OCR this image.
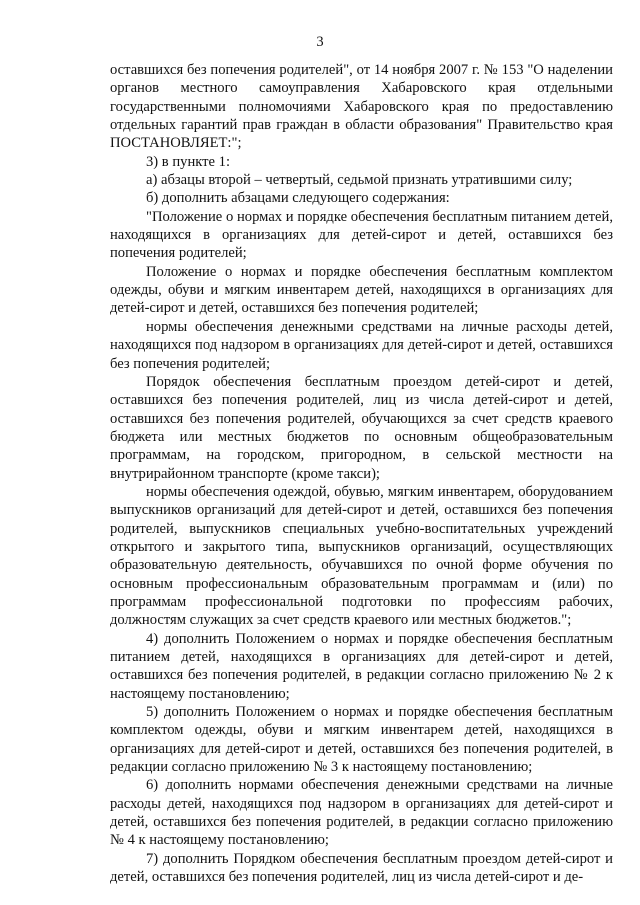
3

оставшихся без попечения родителей", от 14 ноября 2007 г. № 153 "О наделении органов местного самоуправления Хабаровского края отдельными государственными полномочиями Хабаровского края по предоставлению отдельных гарантий прав граждан в области образования" Правительство края ПОСТАНОВЛЯЕТ:";

3) в пункте 1:

а) абзацы второй – четвертый, седьмой признать утратившими силу;

б) дополнить абзацами следующего содержания:

"Положение о нормах и порядке обеспечения бесплатным питанием детей, находящихся в организациях для детей-сирот и детей, оставшихся без попечения родителей;

Положение о нормах и порядке обеспечения бесплатным комплектом одежды, обуви и мягким инвентарем детей, находящихся в организациях для детей-сирот и детей, оставшихся без попечения родителей;

нормы обеспечения денежными средствами на личные расходы детей, находящихся под надзором в организациях для детей-сирот и детей, оставшихся без попечения родителей;

Порядок обеспечения бесплатным проездом детей-сирот и детей, оставшихся без попечения родителей, лиц из числа детей-сирот и детей, оставшихся без попечения родителей, обучающихся за счет средств краевого бюджета или местных бюджетов по основным общеобразовательным программам, на городском, пригородном, в сельской местности на внутрирайонном транспорте (кроме такси);

нормы обеспечения одеждой, обувью, мягким инвентарем, оборудованием выпускников организаций для детей-сирот и детей, оставшихся без попечения родителей, выпускников специальных учебно-воспитательных учреждений открытого и закрытого типа, выпускников организаций, осуществляющих образовательную деятельность, обучавшихся по очной форме обучения по основным профессиональным образовательным программам и (или) по программам профессиональной подготовки по профессиям рабочих, должностям служащих за счет средств краевого или местных бюджетов.";

4) дополнить Положением о нормах и порядке обеспечения бесплатным питанием детей, находящихся в организациях для детей-сирот и детей, оставшихся без попечения родителей, в редакции согласно приложению № 2 к настоящему постановлению;

5) дополнить Положением о нормах и порядке обеспечения бесплатным комплектом одежды, обуви и мягким инвентарем детей, находящихся в организациях для детей-сирот и детей, оставшихся без попечения родителей, в редакции согласно приложению № 3 к настоящему постановлению;

6) дополнить нормами обеспечения денежными средствами на личные расходы детей, находящихся под надзором в организациях для детей-сирот и детей, оставшихся без попечения родителей, в редакции согласно приложению № 4 к настоящему постановлению;

7) дополнить Порядком обеспечения бесплатным проездом детей-сирот и детей, оставшихся без попечения родителей, лиц из числа детей-сирот и де-
